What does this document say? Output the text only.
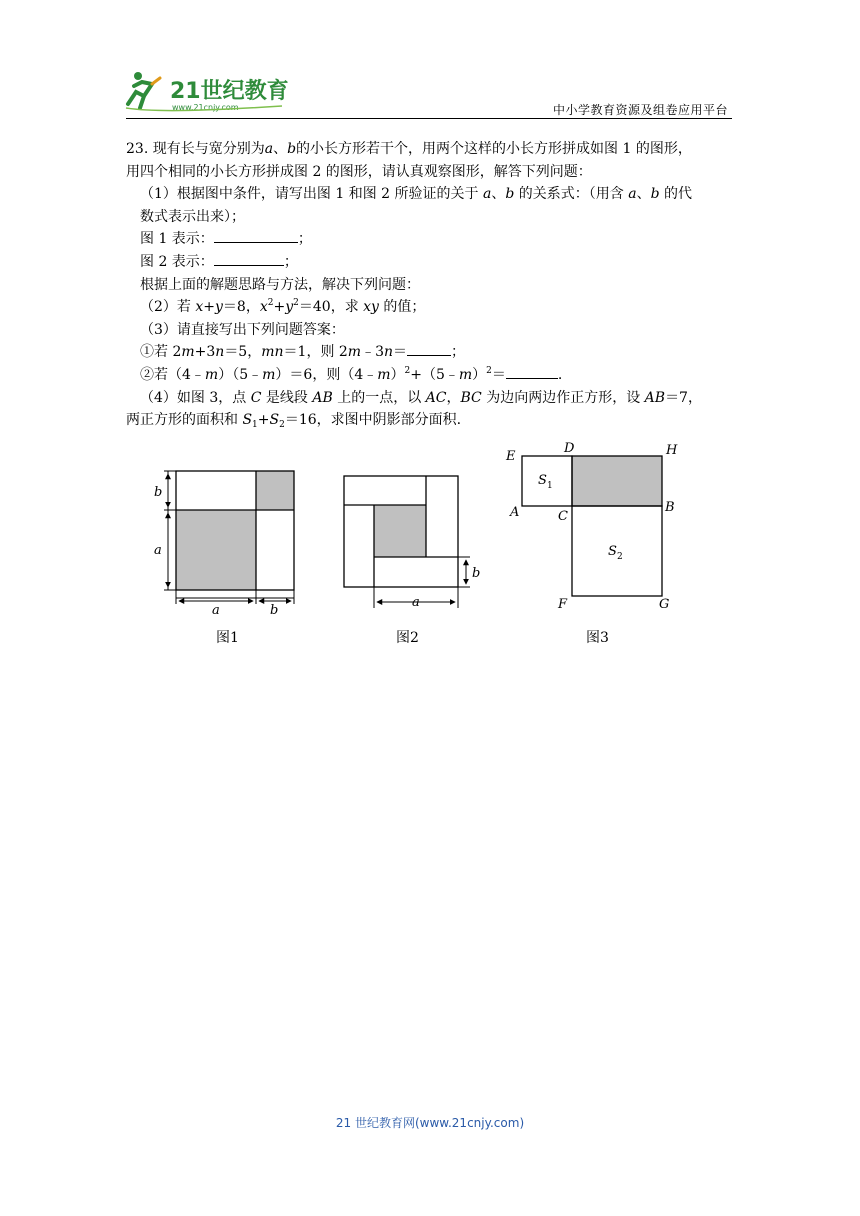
21世纪教育
www.21cnjy.com	中小学教育资源及组卷应用平台
23. 现有长与宽分别为a、b的小长方形若干个，用两个这样的小长方形拼成如图 1 的图形，
用四个相同的小长方形拼成图 2 的图形，请认真观察图形，解答下列问题：
（1）根据图中条件，请写出图 1 和图 2 所验证的关于 a、b 的关系式：（用含 a、b 的代
数式表示出来）；
图 1 表示：	；
图 2 表示：	；
根据上面的解题思路与方法，解决下列问题：
（2）若 x+y＝8，$x^2+y^2=40$，求 xy 的值；
（3）请直接写出下列问题答案：
①若 2m+3n＝5，mn＝1，则 2m﹣3n＝	；
②若（4﹣m）（5﹣m）＝6，则（4﹣m）$^2$+（5﹣m）$^2$＝	.
（4）如图 3，点 C 是线段 AB 上的一点，以 AC，BC 为边向两边作正方形，设 AB＝7，
两正方形的面积和 $S_1+S_2=16$，求图中阴影部分面积.
b
a
a	b
图1
b
a
图2
E
D	H
A	C
B
F	G
S 1
S 2
图3
21 世纪教育网(www.21cnjy.com)
